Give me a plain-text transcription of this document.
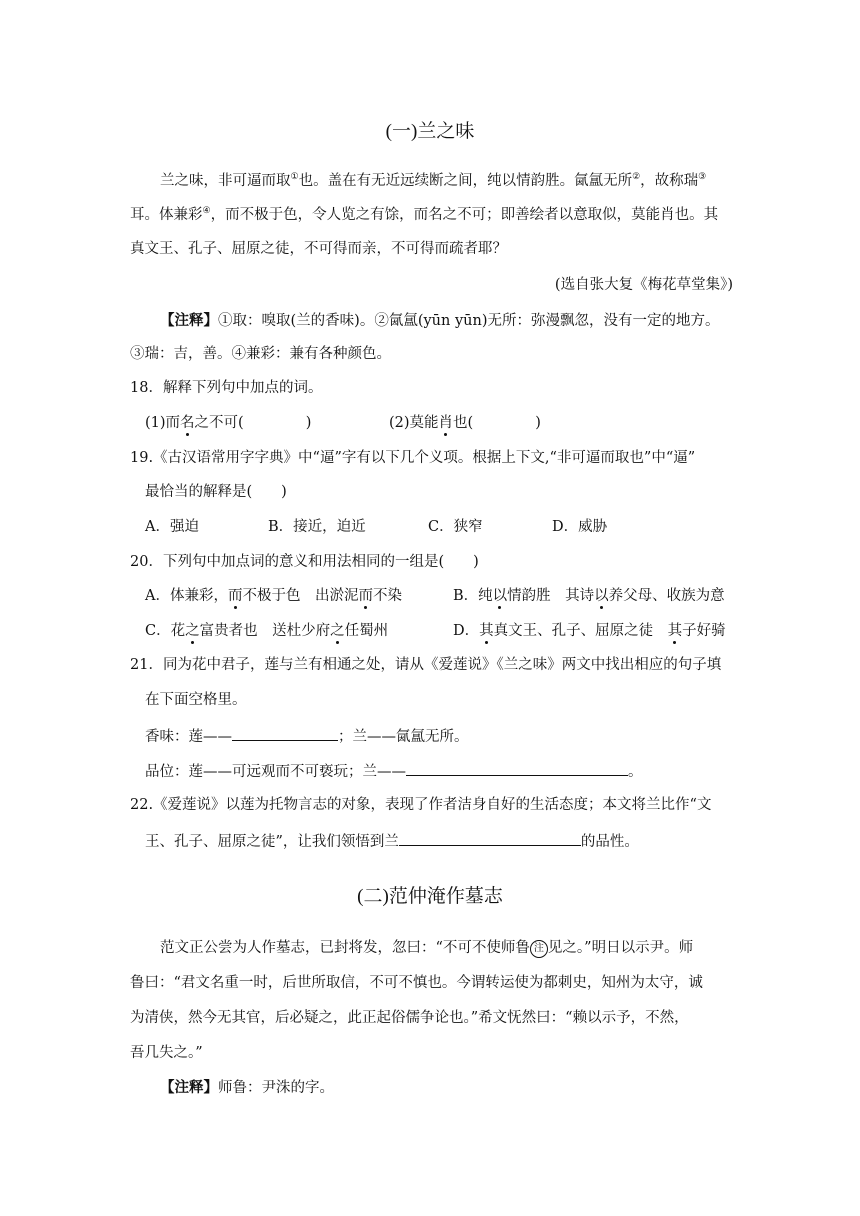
(一)兰之味
兰之味，非可逼而取①也。盖在有无近远续断之间，纯以情韵胜。氤氲无所②，故称瑞③
耳。体兼彩④，而不极于色，令人览之有馀，而名之不可；即善绘者以意取似，莫能肖也。其
真文王、孔子、屈原之徒，不可得而亲，不可得而疏者耶？
(选自张大复《梅花草堂集》)
【注释】①取：嗅取(兰的香味)。②氤氲(yūn yūn)无所：弥漫飘忽，没有一定的地方。
③瑞：吉，善。④兼彩：兼有各种颜色。
18．解释下列句中加点的词。
(1)而名之不可(	)	(2)莫能肖也(	)
19.《古汉语常用字字典》中“逼”字有以下几个义项。根据上下文,“非可逼而取也”中“逼”
最恰当的解释是(　　)
A．强迫	B．接近，迫近	C．狭窄	D．威胁
20．下列句中加点词的意义和用法相同的一组是(　　)
A．体兼彩，而不极于色　出淤泥而不染	B．纯以情韵胜　其诗以养父母、收族为意
C．花之富贵者也　送杜少府之任蜀州	D．其真文王、孔子、屈原之徒　其子好骑
21．同为花中君子，莲与兰有相通之处，请从《爱莲说》《兰之味》两文中找出相应的句子填
在下面空格里。
香味：莲——	；兰——氤氲无所。
品位：莲——可远观而不可亵玩；兰——	。
22.《爱莲说》以莲为托物言志的对象，表现了作者洁身自好的生活态度；本文将兰比作“文
王、孔子、屈原之徒”，让我们领悟到兰	的品性。
(二)范仲淹作墓志
范文正公尝为人作墓志，已封将发，忽曰：“不可不使师鲁 注 见之。”明日以示尹。师
鲁曰：“君文名重一时，后世所取信，不可不慎也。今谓转运使为都刺史，知州为太守，诚
为清侠，然今无其官，后必疑之，此正起俗儒争论也。”希文怃然曰：“赖以示予，不然，
吾几失之。”
【注释】师鲁：尹洙的字。
